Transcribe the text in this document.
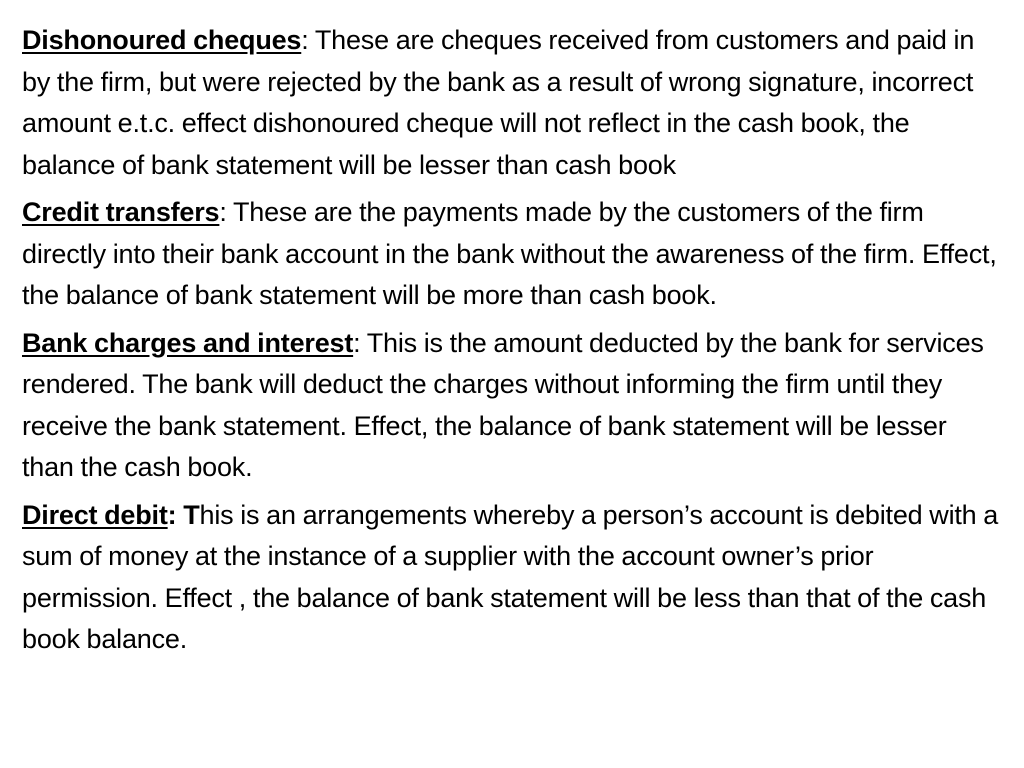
Dishonoured cheques: These are cheques received from customers and paid in by the firm, but were rejected by the bank as a result of wrong signature, incorrect amount e.t.c. effect dishonoured cheque will not reflect in the cash book, the balance of bank statement will be lesser than cash book

Credit transfers: These are the payments made by the customers of the firm directly into their bank account in the bank without the awareness of the firm. Effect, the balance of bank statement will be more than cash book.

Bank charges and interest: This is the amount deducted by the bank for services rendered. The bank will deduct the charges without informing the firm until they receive the bank statement. Effect, the balance of bank statement will be lesser than the cash book.

Direct debit: This is an arrangements whereby a person’s account is debited with a sum of money at the instance of a supplier with the account owner’s prior permission. Effect , the balance of bank statement will be less than that of the cash book balance.
